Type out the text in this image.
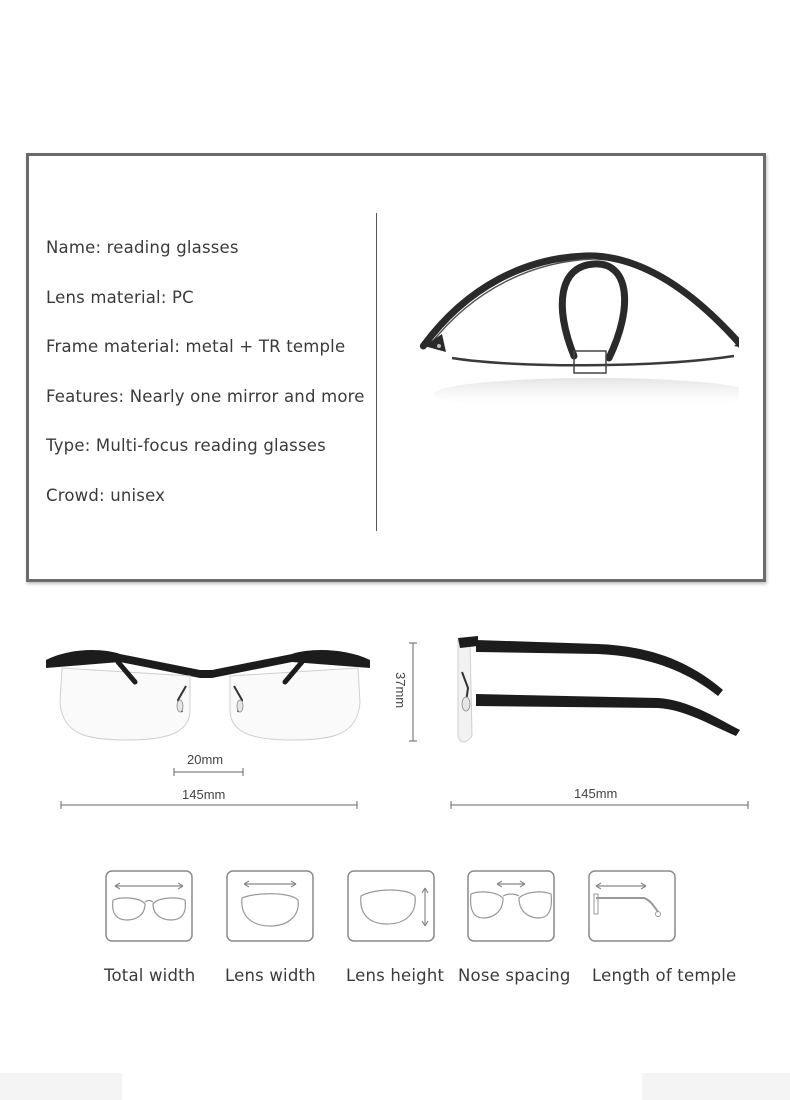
Name: reading glasses
Lens material: PC
Frame material: metal + TR temple
Features: Nearly one mirror and more
Type: Multi-focus reading glasses
Crowd: unisex
20mm
145mm
37mm
145mm
Total width Lens width Lens height Nose spacing Length of temple
